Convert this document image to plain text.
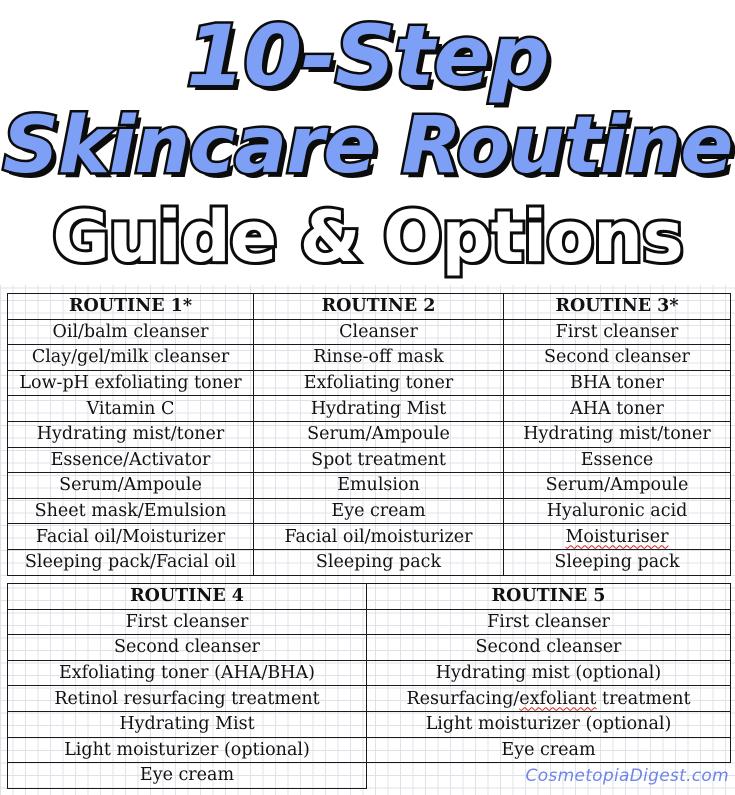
10-Step
Skincare Routine
Guide & Options
ROUTINE 1*	ROUTINE 2	ROUTINE 3*
Oil/balm cleanser	Cleanser	First cleanser
Clay/gel/milk cleanser	Rinse-off mask	Second cleanser
Low-pH exfoliating toner	Exfoliating toner	BHA toner
Vitamin C	Hydrating Mist	AHA toner
Hydrating mist/toner	Serum/Ampoule	Hydrating mist/toner
Essence/Activator	Spot treatment	Essence
Serum/Ampoule	Emulsion	Serum/Ampoule
Sheet mask/Emulsion	Eye cream	Hyaluronic acid
Facial oil/Moisturizer	Facial oil/moisturizer	Moisturiser
Sleeping pack/Facial oil	Sleeping pack	Sleeping pack
ROUTINE 4	ROUTINE 5
First cleanser	First cleanser
Second cleanser	Second cleanser
Exfoliating toner (AHA/BHA)	Hydrating mist (optional)
Retinol resurfacing treatment	Resurfacing/exfoliant treatment
Hydrating Mist	Light moisturizer (optional)
Light moisturizer (optional)	Eye cream
Eye cream		CosmetopiaDigest.com
